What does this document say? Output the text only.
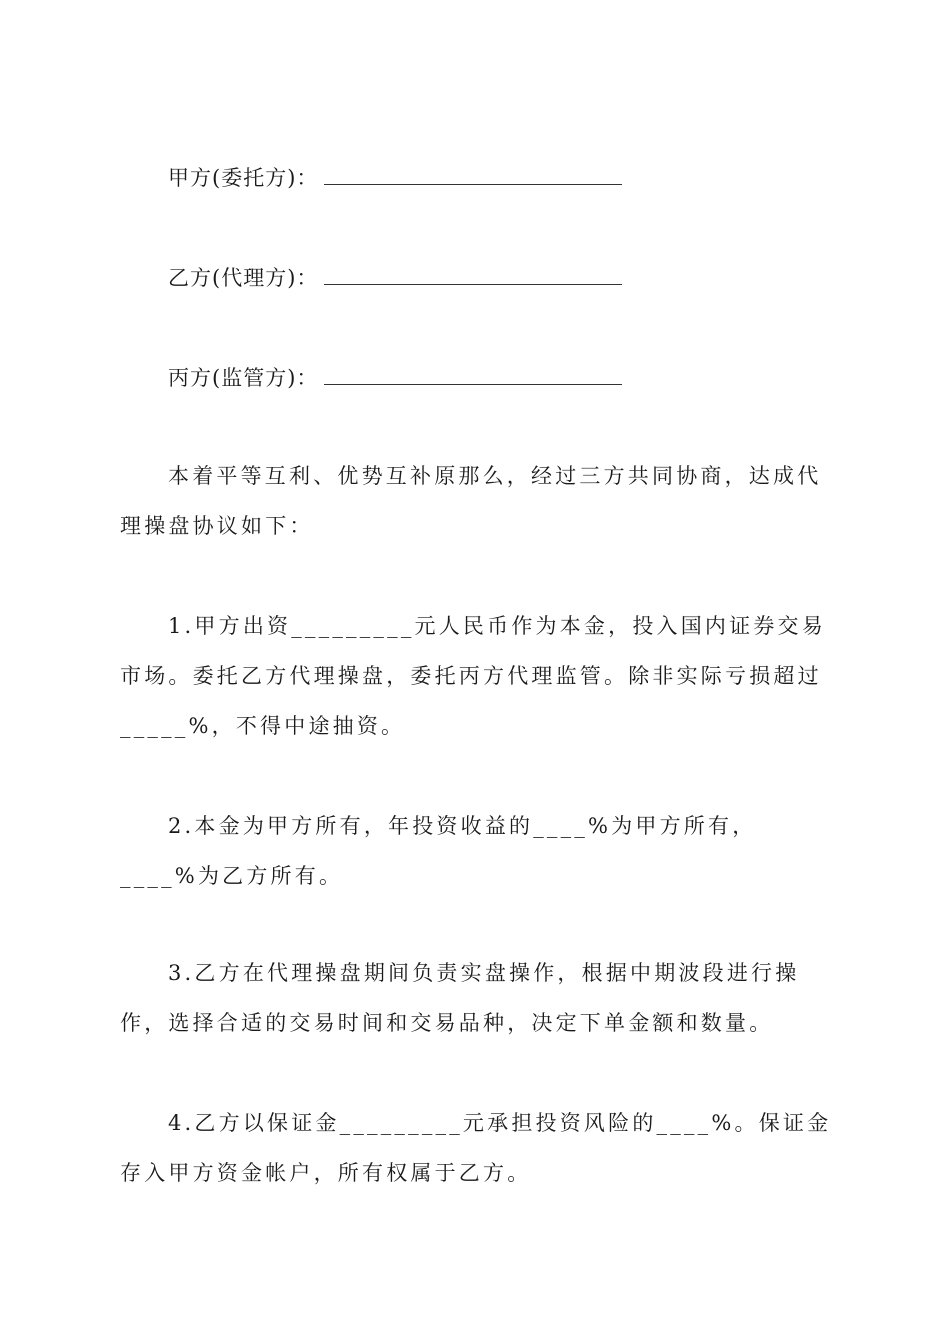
甲方(委托方)：
乙方(代理方)：
丙方(监管方)：

本着平等互利、优势互补原那么，经过三方共同协商，达成代理操盘协议如下：

1.甲方出资_________元人民币作为本金，投入国内证券交易市场。委托乙方代理操盘，委托丙方代理监管。除非实际亏损超过_____%，不得中途抽资。

2.本金为甲方所有，年投资收益的____%为甲方所有，____%为乙方所有。

3.乙方在代理操盘期间负责实盘操作，根据中期波段进行操作，选择合适的交易时间和交易品种，决定下单金额和数量。

4.乙方以保证金_________元承担投资风险的____%。保证金存入甲方资金帐户，所有权属于乙方。
